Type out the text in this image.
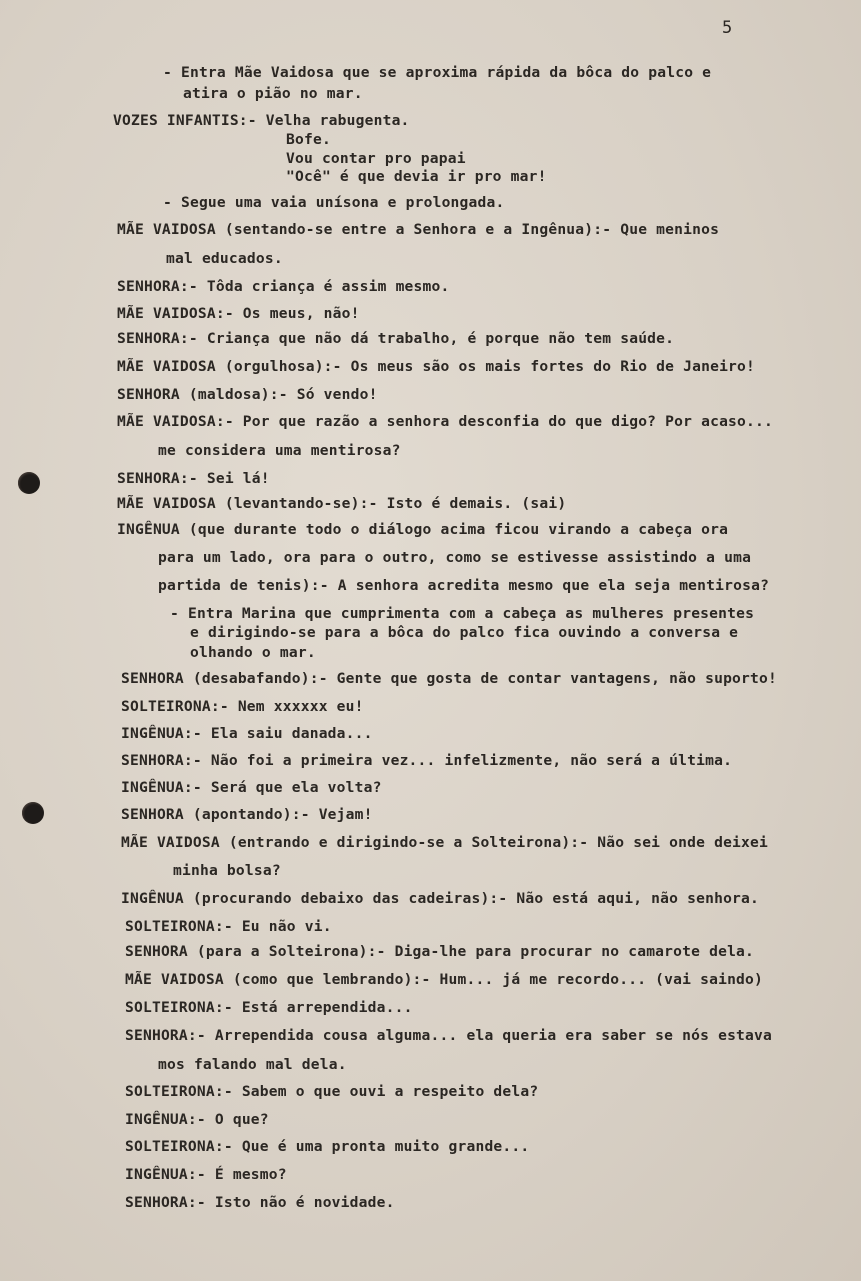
5
- Entra Mãe Vaidosa que se aproxima rápida da bôca do palco e
atira o pião no mar.
VOZES INFANTIS:- Velha rabugenta.
Bofe.
Vou contar pro papai
"Ocê" é que devia ir pro mar!
- Segue uma vaia unísona e prolongada.
MÃE VAIDOSA (sentando-se entre a Senhora e a Ingênua):- Que meninos
mal educados.
SENHORA:- Tôda criança é assim mesmo.
MÃE VAIDOSA:- Os meus, não!
SENHORA:- Criança que não dá trabalho, é porque não tem saúde.
MÃE VAIDOSA (orgulhosa):- Os meus são os mais fortes do Rio de Janeiro!
SENHORA (maldosa):- Só vendo!
MÃE VAIDOSA:- Por que razão a senhora desconfia do que digo? Por acaso...
me considera uma mentirosa?
SENHORA:- Sei lá!
MÃE VAIDOSA (levantando-se):- Isto é demais. (sai)
INGÊNUA (que durante todo o diálogo acima ficou virando a cabeça ora
para um lado, ora para o outro, como se estivesse assistindo a uma
partida de tenis):- A senhora acredita mesmo que ela seja mentirosa?
- Entra Marina que cumprimenta com a cabeça as mulheres presentes
e dirigindo-se para a bôca do palco fica ouvindo a conversa e
olhando o mar.
SENHORA (desabafando):- Gente que gosta de contar vantagens, não suporto!
SOLTEIRONA:- Nem xxxxxx eu!
INGÊNUA:- Ela saiu danada...
SENHORA:- Não foi a primeira vez... infelizmente, não será a última.
INGÊNUA:- Será que ela volta?
SENHORA (apontando):- Vejam!
MÃE VAIDOSA (entrando e dirigindo-se a Solteirona):- Não sei onde deixei
minha bolsa?
INGÊNUA (procurando debaixo das cadeiras):- Não está aqui, não senhora.
SOLTEIRONA:- Eu não vi.
SENHORA (para a Solteirona):- Diga-lhe para procurar no camarote dela.
MÃE VAIDOSA (como que lembrando):- Hum... já me recordo... (vai saindo)
SOLTEIRONA:- Está arrependida...
SENHORA:- Arrependida cousa alguma... ela queria era saber se nós estava
mos falando mal dela.
SOLTEIRONA:- Sabem o que ouvi a respeito dela?
INGÊNUA:- O que?
SOLTEIRONA:- Que é uma pronta muito grande...
INGÊNUA:- É mesmo?
SENHORA:- Isto não é novidade.
